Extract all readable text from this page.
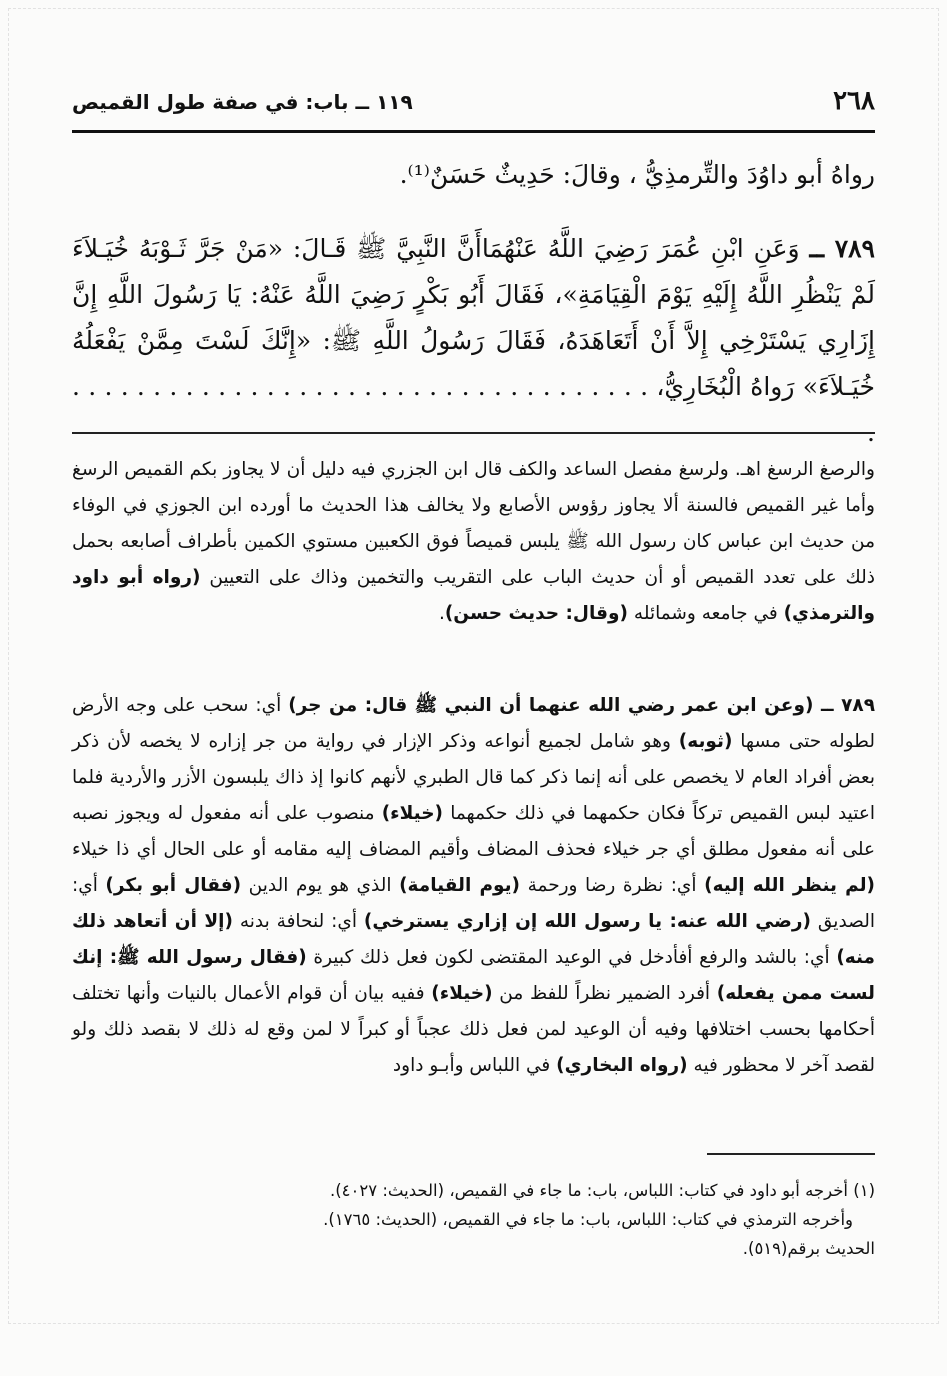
٢٦٨
١١٩ ــ باب: في صفة طول القميص
رواهُ أبو داوُدَ والتِّرمذِيُّ ، وقالَ: حَدِيثٌ حَسَنٌ⁽¹⁾.
٧٨٩ ــ وَعَنِ ابْنِ عُمَرَ رَضِيَ اللَّهُ عَنْهُمَاأَنَّ النَّبِيَّ ﷺ قَـالَ: «مَنْ جَرَّ ثَـوْبَهُ خُيَـلاَءَ لَمْ يَنْظُرِ اللَّهُ إِلَيْهِ يَوْمَ الْقِيَامَةِ»، فَقَالَ أَبُو بَكْرٍ رَضِيَ اللَّهُ عَنْهُ: يَا رَسُولَ اللَّهِ إِنَّ إِزَارِي يَسْتَرْخِي إِلاَّ أَنْ أَتَعَاهَدَهُ، فَقَالَ رَسُولُ اللَّهِ ﷺ: «إِنَّكَ لَسْتَ مِمَّنْ يَفْعَلُهُ خُيَـلاَءَ» رَواهُ الْبُخَارِيُّ، . . . . . . . . . . . . . . . . . . . . . . . . . . . . . . . . . . . . .
والرصغ الرسغ اهـ. ولرسغ مفصل الساعد والكف قال ابن الجزري فيه دليل أن لا يجاوز بكم القميص الرسغ وأما غير القميص فالسنة ألا يجاوز رؤوس الأصابع ولا يخالف هذا الحديث ما أورده ابن الجوزي في الوفاء من حديث ابن عباس كان رسول الله ﷺ يلبس قميصاً فوق الكعبين مستوي الكمين بأطراف أصابعه بحمل ذلك على تعدد القميص أو أن حديث الباب على التقريب والتخمين وذاك على التعيين (رواه أبو داود والترمذي) في جامعه وشمائله (وقال: حديث حسن).
٧٨٩ ــ (وعن ابن عمر رضي الله عنهما أن النبي ﷺ قال: من جر) أي: سحب على وجه الأرض لطوله حتى مسها (ثوبه) وهو شامل لجميع أنواعه وذكر الإزار في رواية من جر إزاره لا يخصه لأن ذكر بعض أفراد العام لا يخصص على أنه إنما ذكر كما قال الطبري لأنهم كانوا إذ ذاك يلبسون الأزر والأردية فلما اعتيد لبس القميص تركاً فكان حكمهما في ذلك حكمهما (خيلاء) منصوب على أنه مفعول له ويجوز نصبه على أنه مفعول مطلق أي جر خيلاء فحذف المضاف وأقيم المضاف إليه مقامه أو على الحال أي ذا خيلاء (لم ينظر الله إليه) أي: نظرة رضا ورحمة (يوم القيامة) الذي هو يوم الدين (فقال أبو بكر) أي: الصديق (رضي الله عنه: يا رسول الله إن إزاري يسترخي) أي: لنحافة بدنه (إلا أن أتعاهد ذلك منه) أي: بالشد والرفع أفأدخل في الوعيد المقتضى لكون فعل ذلك كبيرة (فقال رسول الله ﷺ: إنك لست ممن يفعله) أفرد الضمير نظراً للفظ من (خيلاء) ففيه بيان أن قوام الأعمال بالنيات وأنها تختلف أحكامها بحسب اختلافها وفيه أن الوعيد لمن فعل ذلك عجباً أو كبراً لا لمن وقع له ذلك لا بقصد ذلك ولو لقصد آخر لا محظور فيه (رواه البخاري) في اللباس وأبـو داود
(١) أخرجه أبو داود في كتاب: اللباس، باب: ما جاء في القميص، (الحديث: ٤٠٢٧).
وأخرجه الترمذي في كتاب: اللباس، باب: ما جاء في القميص، (الحديث: ١٧٦٥).
الحديث برقم(٥١٩).
